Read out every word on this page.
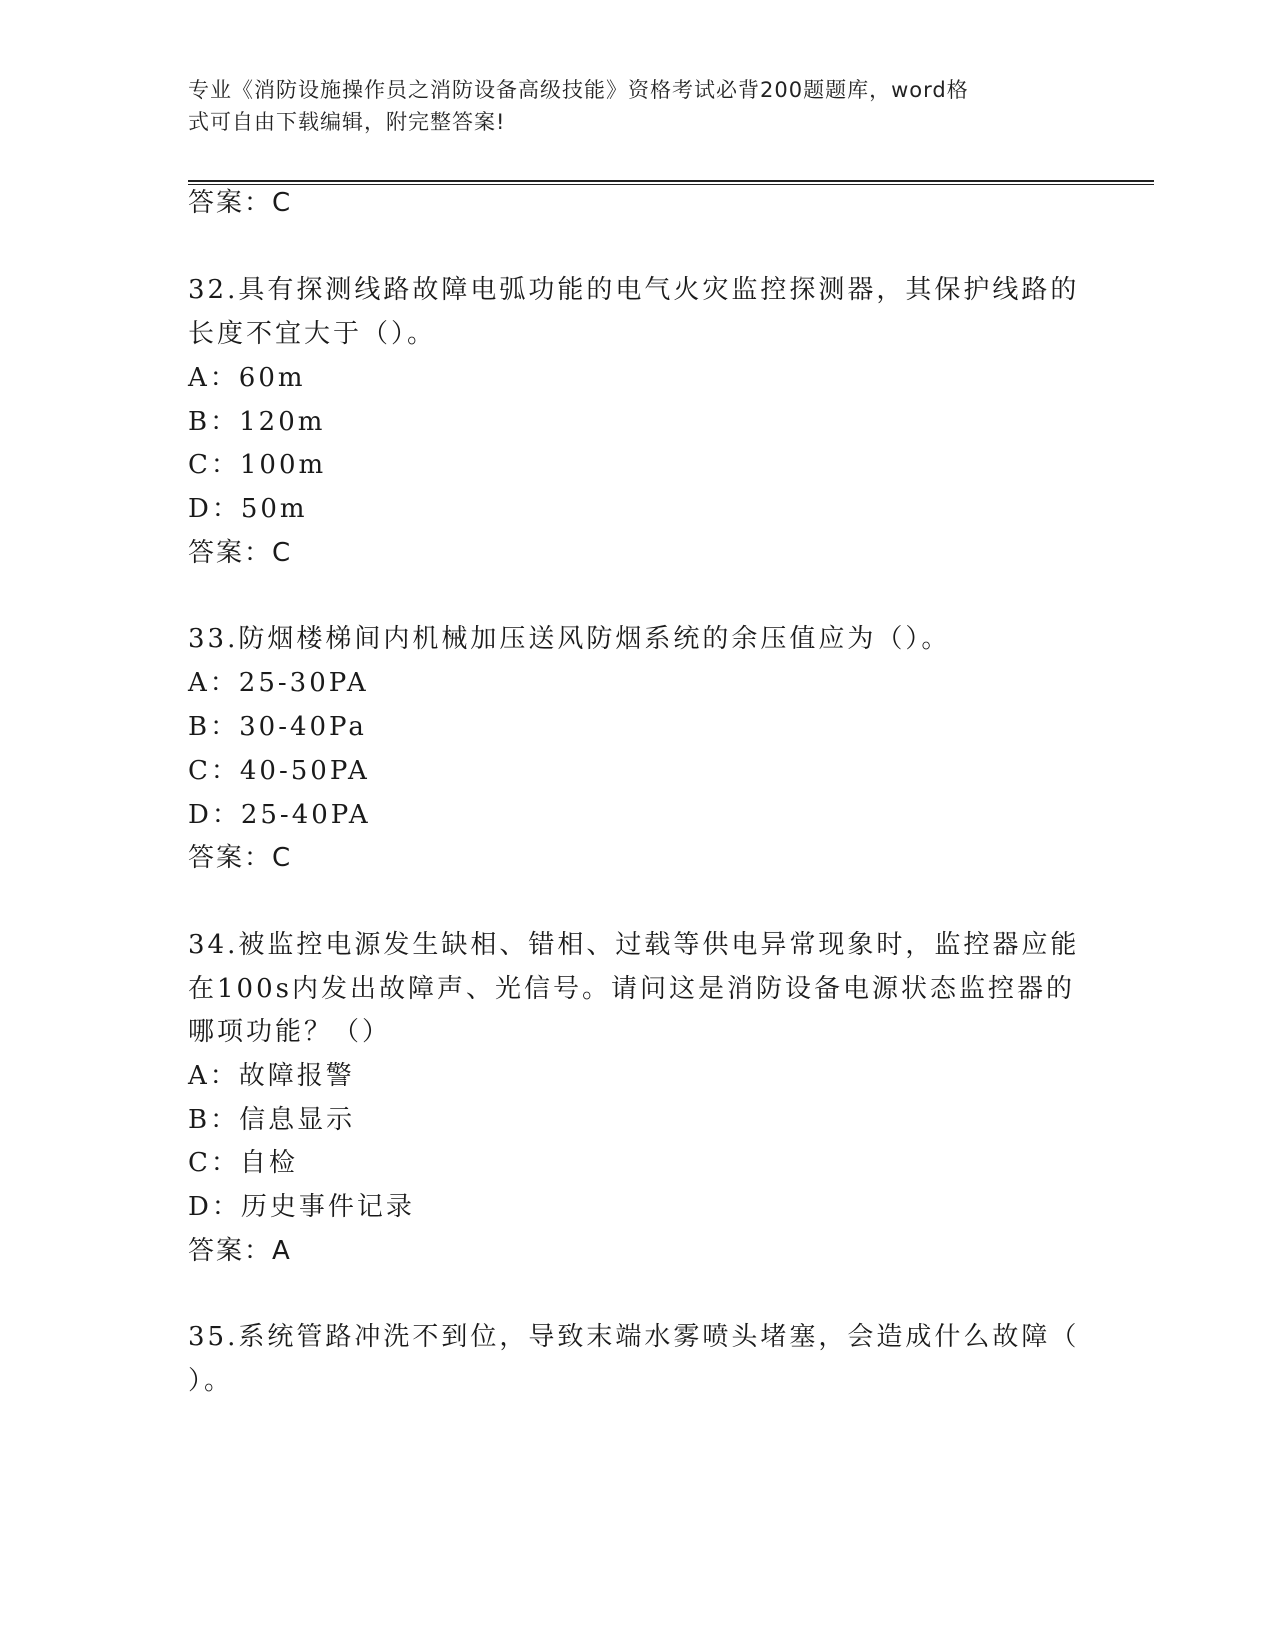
专业《消防设施操作员之消防设备高级技能》资格考试必背200题题库，word格
式可自由下载编辑，附完整答案!
答案：C
32.具有探测线路故障电弧功能的电气火灾监控探测器，其保护线路的
长度不宜大于（）。
A：60m
B：120m
C：100m
D：50m
答案：C
33.防烟楼梯间内机械加压送风防烟系统的余压值应为（）。
A：25-30PA
B：30-40Pa
C：40-50PA
D：25-40PA
答案：C
34.被监控电源发生缺相、错相、过载等供电异常现象时，监控器应能
在100s内发出故障声、光信号。请问这是消防设备电源状态监控器的
哪项功能？（）
A：故障报警
B：信息显示
C：自检
D：历史事件记录
答案：A
35.系统管路冲洗不到位，导致末端水雾喷头堵塞，会造成什么故障（
）。
